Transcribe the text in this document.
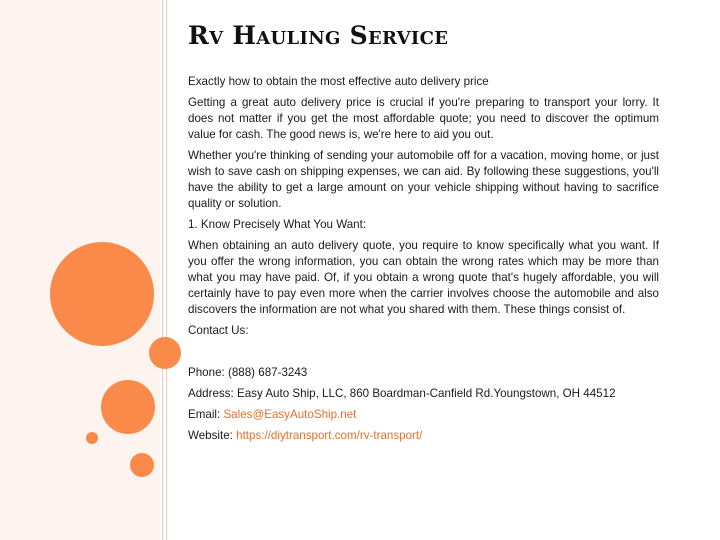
Rv Hauling Service

Exactly how to obtain the most effective auto delivery price

Getting a great auto delivery price is crucial if you're preparing to transport your lorry. It does not matter if you get the most affordable quote; you need to discover the optimum value for cash. The good news is, we're here to aid you out.

Whether you're thinking of sending your automobile off for a vacation, moving home, or just wish to save cash on shipping expenses, we can aid. By following these suggestions, you'll have the ability to get a large amount on your vehicle shipping without having to sacrifice quality or solution.

1. Know Precisely What You Want:

When obtaining an auto delivery quote, you require to know specifically what you want. If you offer the wrong information, you can obtain the wrong rates which may be more than what you may have paid. Of, if you obtain a wrong quote that's hugely affordable, you will certainly have to pay even more when the carrier involves choose the automobile and also discovers the information are not what you shared with them. These things consist of.

Contact Us:

Phone: (888) 687-3243

Address: Easy Auto Ship, LLC, 860 Boardman-Canfield Rd.Youngstown, OH 44512

Email: Sales@EasyAutoShip.net

Website: https://diytransport.com/rv-transport/
